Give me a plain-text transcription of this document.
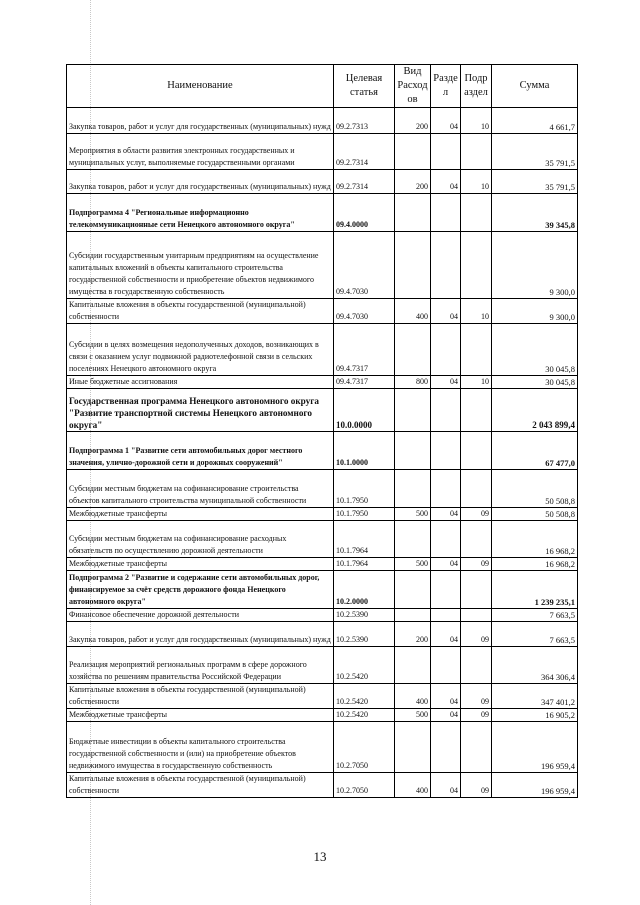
Наименование	Целевая статья	Вид Расход ов	Разде л	Подр аздел	Сумма
Закупка товаров, работ и услуг для государственных (муниципальных) нужд	09.2.7313	200	04	10	4 661,7
Мероприятия в области развития электронных государственных и муниципальных услуг, выполняемые государственными органами	09.2.7314				35 791,5
Закупка товаров, работ и услуг для государственных (муниципальных) нужд	09.2.7314	200	04	10	35 791,5
Подпрограмма 4 "Региональные информационно телекоммуникационные сети Ненецкого автономного округа"	09.4.0000				39 345,8
Субсидии государственным унитарным предприятиям на осуществление капитальных вложений в объекты капитального строительства государственной собственности и приобретение объектов недвижимого имущества в государственную собственность	09.4.7030				9 300,0
Капитальные вложения в объекты государственной (муниципальной) собственности	09.4.7030	400	04	10	9 300,0
Субсидии в целях возмещения недополученных доходов, возникающих в связи с оказанием услуг подвижной радиотелефонной связи в сельских поселениях Ненецкого автономного округа	09.4.7317				30 045,8
Иные бюджетные ассигнования	09.4.7317	800	04	10	30 045,8
Государственная программа Ненецкого автономного округа "Развитие транспортной системы Ненецкого автономного округа"	10.0.0000				2 043 899,4
Подпрограмма 1 "Развитие сети автомобильных дорог местного значения, улично-дорожной сети и дорожных сооружений"	10.1.0000				67 477,0
Субсидии местным бюджетам на софинансирование строительства объектов капитального строительства муниципальной собственности	10.1.7950				50 508,8
Межбюджетные трансферты	10.1.7950	500	04	09	50 508,8
Субсидии местным бюджетам на софинансирование расходных обязательств по осуществлению дорожной деятельности	10.1.7964				16 968,2
Межбюджетные трансферты	10.1.7964	500	04	09	16 968,2
Подпрограмма 2 "Развитие и содержание сети автомобильных дорог, финансируемое за счёт средств дорожного фонда Ненецкого автономного округа"	10.2.0000				1 239 235,1
Финансовое обеспечение дорожной деятельности	10.2.5390				7 663,5
Закупка товаров, работ и услуг для государственных (муниципальных) нужд	10.2.5390	200	04	09	7 663,5
Реализация мероприятий региональных программ в сфере дорожного хозяйства по решениям правительства Российской Федерации	10.2.5420				364 306,4
Капитальные вложения в объекты государственной (муниципальной) собственности	10.2.5420	400	04	09	347 401,2
Межбюджетные трансферты	10.2.5420	500	04	09	16 905,2
Бюджетные инвестиции в объекты капитального строительства государственной собственности и (или) на приобретение объектов недвижимого имущества в государственную собственность	10.2.7050				196 959,4
Капитальные вложения в объекты государственной (муниципальной) собственности	10.2.7050	400	04	09	196 959,4
13
